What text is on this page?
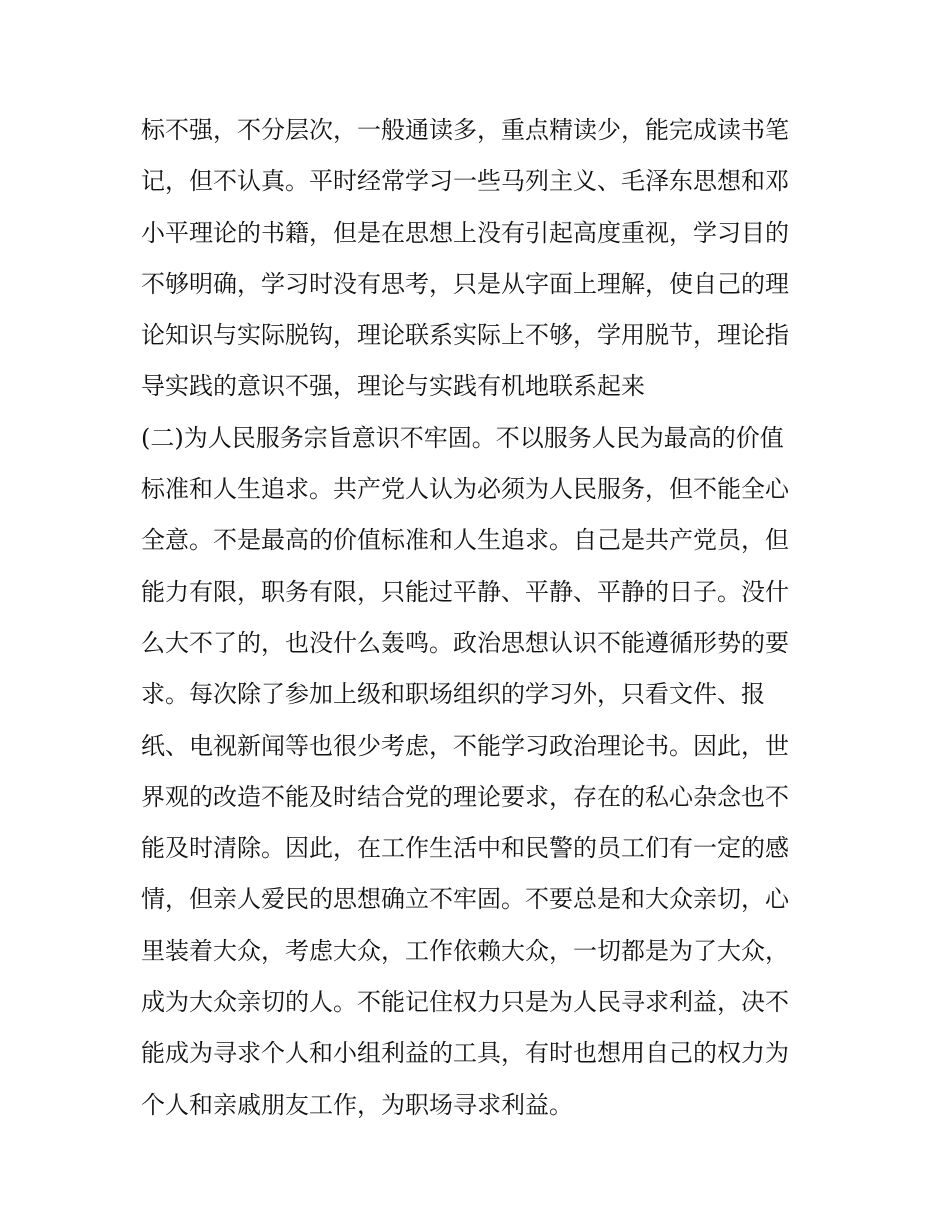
标不强，不分层次，一般通读多，重点精读少，能完成读书笔
记，但不认真。平时经常学习一些马列主义、毛泽东思想和邓
小平理论的书籍，但是在思想上没有引起高度重视，学习目的
不够明确，学习时没有思考，只是从字面上理解，使自己的理
论知识与实际脱钩，理论联系实际上不够，学用脱节，理论指
导实践的意识不强，理论与实践有机地联系起来
(二)为人民服务宗旨意识不牢固。不以服务人民为最高的价值
标准和人生追求。共产党人认为必须为人民服务，但不能全心
全意。不是最高的价值标准和人生追求。自己是共产党员，但
能力有限，职务有限，只能过平静、平静、平静的日子。没什
么大不了的，也没什么轰鸣。政治思想认识不能遵循形势的要
求。每次除了参加上级和职场组织的学习外，只看文件、报
纸、电视新闻等也很少考虑，不能学习政治理论书。因此，世
界观的改造不能及时结合党的理论要求，存在的私心杂念也不
能及时清除。因此，在工作生活中和民警的员工们有一定的感
情，但亲人爱民的思想确立不牢固。不要总是和大众亲切，心
里装着大众，考虑大众，工作依赖大众，一切都是为了大众，
成为大众亲切的人。不能记住权力只是为人民寻求利益，决不
能成为寻求个人和小组利益的工具，有时也想用自己的权力为
个人和亲戚朋友工作，为职场寻求利益。
